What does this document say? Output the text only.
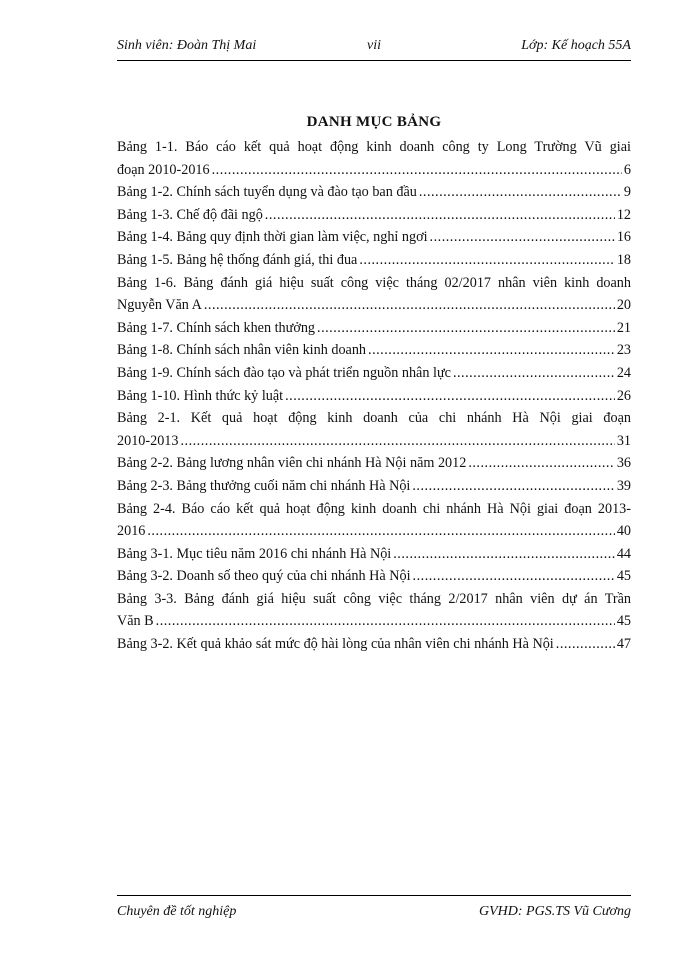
Sinh viên: Đoàn Thị Mai	vii	Lớp: Kế hoạch 55A
DANH MỤC BẢNG
Bảng 1-1. Báo cáo kết quả hoạt động kinh doanh công ty Long Trường Vũ giai
đoạn 2010-2016 .....	6
Bảng 1-2. Chính sách tuyển dụng và đào tạo ban đầu .....	9
Bảng 1-3. Chế độ đãi ngộ .....	12
Bảng 1-4. Bảng quy định thời gian làm việc, nghỉ ngơi .....	16
Bảng 1-5. Bảng hệ thống đánh giá, thi đua .....	18
Bảng 1-6. Bảng đánh giá hiệu suất công việc tháng 02/2017 nhân viên kinh doanh
Nguyễn Văn A .....	20
Bảng 1-7. Chính sách khen thưởng .....	21
Bảng 1-8. Chính sách nhân viên kinh doanh .....	23
Bảng 1-9. Chính sách đào tạo và phát triển nguồn nhân lực .....	24
Bảng 1-10. Hình thức kỷ luật .....	26
Bảng 2-1. Kết quả hoạt động kinh doanh của chi nhánh Hà Nội giai đoạn
2010-2013 .....	31
Bảng 2-2. Bảng lương nhân viên chi nhánh Hà Nội năm 2012 .....	36
Bảng 2-3. Bảng thưởng cuối năm chi nhánh Hà Nội .....	39
Bảng 2-4. Báo cáo kết quả hoạt động kinh doanh chi nhánh Hà Nội giai đoạn 2013-
2016 .....	40
Bảng 3-1. Mục tiêu năm 2016 chi nhánh Hà Nội .....	44
Bảng 3-2. Doanh số theo quý của chi nhánh Hà Nội .....	45
Bảng 3-3. Bảng đánh giá hiệu suất công việc tháng 2/2017 nhân viên dự án Trần
Văn B .....	45
Bảng 3-2. Kết quả khảo sát mức độ hài lòng của nhân viên chi nhánh Hà Nội .....	47
Chuyên đề tốt nghiệp	GVHD: PGS.TS Vũ Cương
